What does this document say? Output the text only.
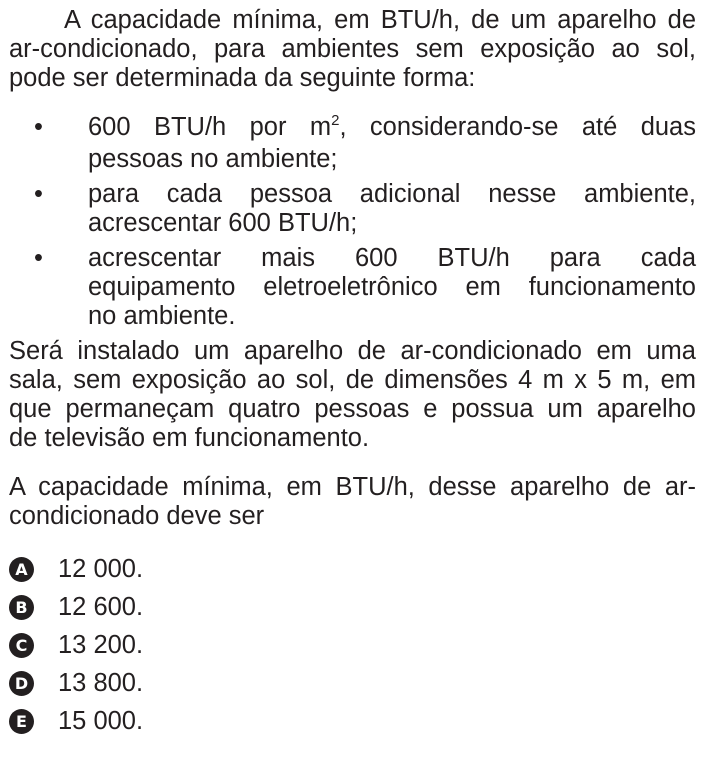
A capacidade mínima, em BTU/h, de um aparelho de
ar-condicionado, para ambientes sem exposição ao sol,
pode ser determinada da seguinte forma:

• 600 BTU/h por $m^2$, considerando-se até duas
pessoas no ambiente;
• para cada pessoa adicional nesse ambiente,
acrescentar 600 BTU/h;
• acrescentar mais 600 BTU/h para cada
equipamento eletroeletrônico em funcionamento
no ambiente.

Será instalado um aparelho de ar-condicionado em uma
sala, sem exposição ao sol, de dimensões 4 m x 5 m, em
que permaneçam quatro pessoas e possua um aparelho
de televisão em funcionamento.

A capacidade mínima, em BTU/h, desse aparelho de ar-
condicionado deve ser

A 12 000.
B 12 600.
C 13 200.
D 13 800.
E 15 000.
